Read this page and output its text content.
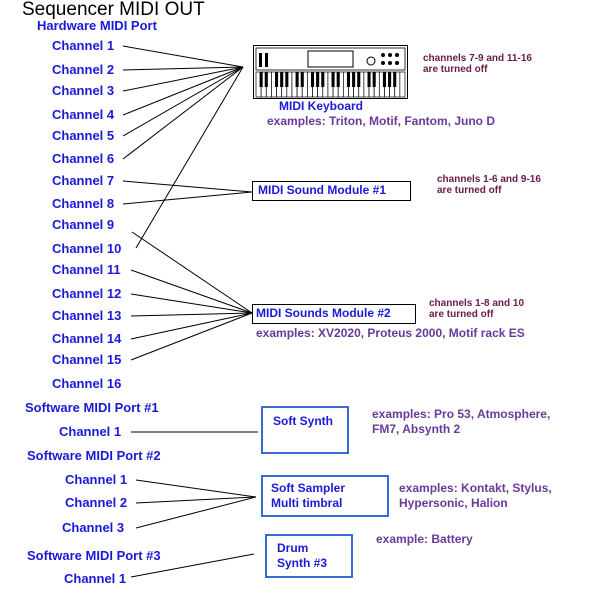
Sequencer MIDI OUT
Hardware MIDI Port
Channel 1
Channel 2
Channel 3
Channel 4
Channel 5
Channel 6
Channel 7
Channel 8
Channel 9
Channel 10
Channel 11
Channel 12
Channel 13
Channel 14
Channel 15
Channel 16
MIDI Keyboard
examples: Triton, Motif, Fantom, Juno D
channels 7-9 and 11-16
are turned off
MIDI Sound Module #1
channels 1-6 and 9-16
are turned off
MIDI Sounds Module #2
channels 1-8 and 10
are turned off
examples: XV2020, Proteus 2000, Motif rack ES
Software MIDI Port #1
Channel 1
Soft Synth	examples: Pro 53, Atmosphere,
FM7, Absynth 2
Software MIDI Port #2
Channel 1
Channel 2
Channel 3
Soft Sampler
Multi timbral
examples: Kontakt, Stylus,
Hypersonic, Halion
Software MIDI Port #3
Channel 1
Drum
Synth #3
example: Battery
